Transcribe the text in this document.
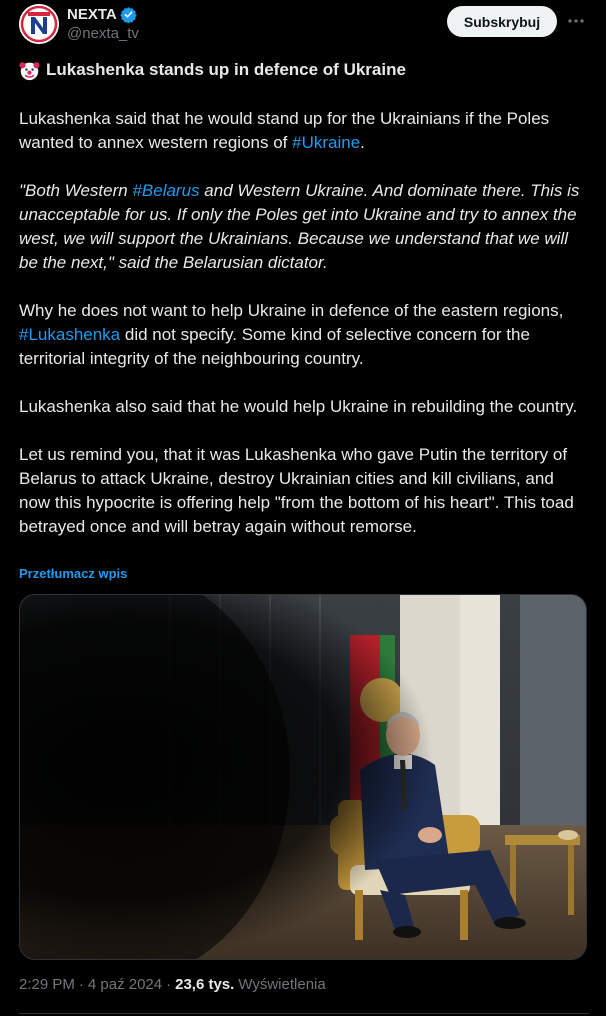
NEXTA
@nexta_tv
Subskrybuj
Lukashenka stands up in defence of Ukraine

Lukashenka said that he would stand up for the Ukrainians if the Poles wanted to annex western regions of #Ukraine.

"Both Western #Belarus and Western Ukraine. And dominate there. This is unacceptable for us. If only the Poles get into Ukraine and try to annex the west, we will support the Ukrainians. Because we understand that we will be the next," said the Belarusian dictator.

Why he does not want to help Ukraine in defence of the eastern regions, #Lukashenka did not specify. Some kind of selective concern for the territorial integrity of the neighbouring country.

Lukashenka also said that he would help Ukraine in rebuilding the country.

Let us remind you, that it was Lukashenka who gave Putin the territory of Belarus to attack Ukraine, destroy Ukrainian cities and kill civilians, and now this hypocrite is offering help "from the bottom of his heart". This toad betrayed once and will betray again without remorse.

Przetłumacz wpis
2:29 PM · 4 paź 2024 · 23,6 tys. Wyświetlenia
